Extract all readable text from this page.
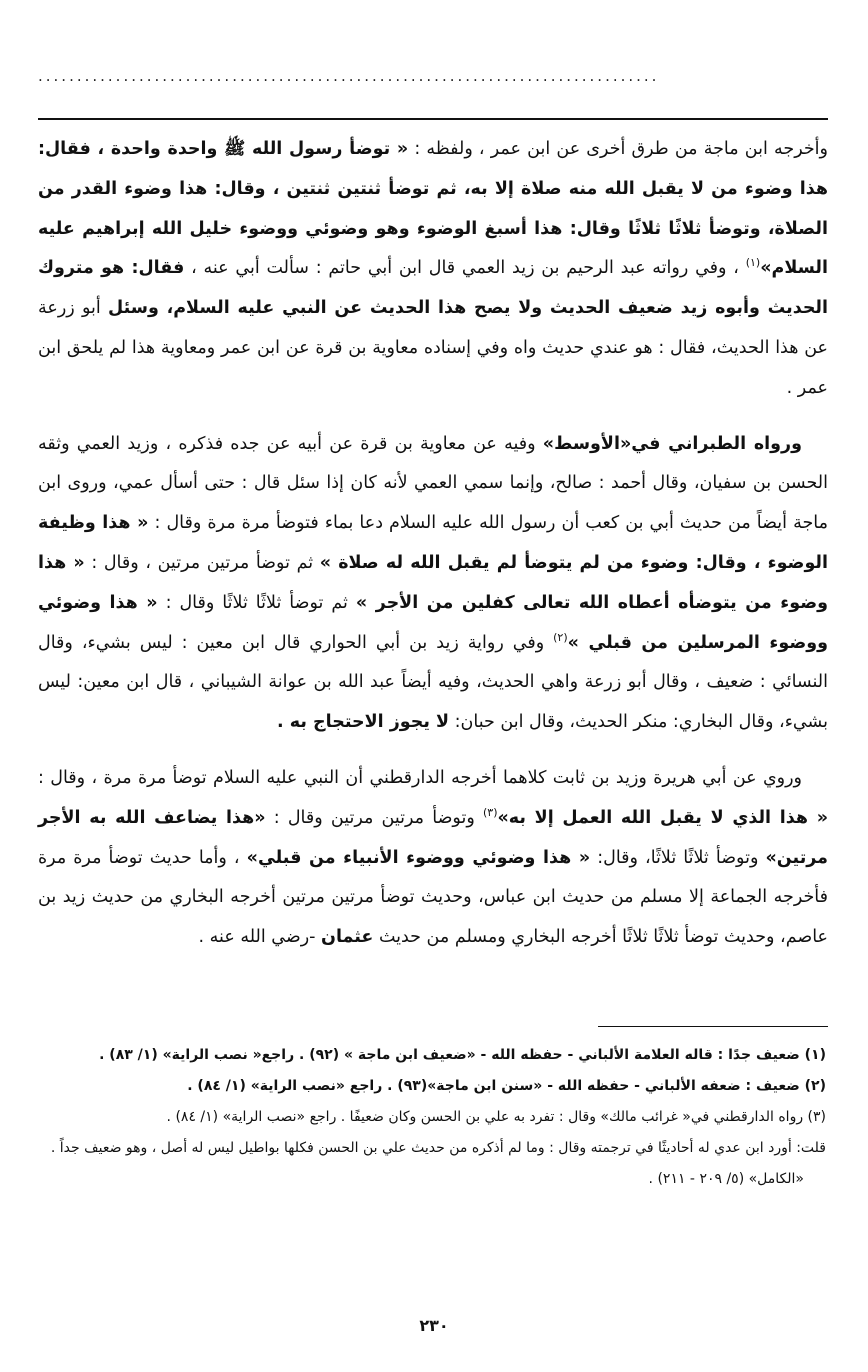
................................................................................

وأخرجه ابن ماجة من طرق أخرى عن ابن عمر ، ولفظه : « توضأ رسول الله ﷺ واحدة واحدة ، فقال: هذا وضوء من لا يقبل الله منه صلاة إلا به، ثم توضأ ثنتين ثنتين ، وقال: هذا وضوء القدر من الصلاة، وتوضأ ثلاثًا ثلاثًا وقال: هذا أسبغ الوضوء وهو وضوئي ووضوء خليل الله إبراهيم عليه السلام»$^{(١)}$ ، وفي رواته عبد الرحيم بن زيد العمي قال ابن أبي حاتم : سألت أبي عنه ، فقال: هو متروك الحديث وأبوه زيد ضعيف الحديث ولا يصح هذا الحديث عن النبي عليه السلام، وسئل أبو زرعة عن هذا الحديث، فقال : هو عندي حديث واه وفي إسناده معاوية بن قرة عن ابن عمر ومعاوية هذا لم يلحق ابن عمر .

ورواه الطبراني في«الأوسط» وفيه عن معاوية بن قرة عن أبيه عن جده فذكره ، وزيد العمي وثقه الحسن بن سفيان، وقال أحمد : صالح، وإنما سمي العمي لأنه كان إذا سئل قال : حتى أسأل عمي، وروى ابن ماجة أيضاً من حديث أبي بن كعب أن رسول الله عليه السلام دعا بماء فتوضأ مرة مرة وقال : « هذا وظيفة الوضوء ، وقال: وضوء من لم يتوضأ لم يقبل الله له صلاة » ثم توضأ مرتين مرتين ، وقال : « هذا وضوء من يتوضأه أعطاه الله تعالى كفلين من الأجر » ثم توضأ ثلاثًا ثلاثًا وقال : « هذا وضوئي ووضوء المرسلين من قبلي »$^{(٢)}$ وفي رواية زيد بن أبي الحواري قال ابن معين : ليس بشيء، وقال النسائي : ضعيف ، وقال أبو زرعة واهي الحديث، وفيه أيضاً عبد الله بن عوانة الشيباني ، قال ابن معين: ليس بشيء، وقال البخاري: منكر الحديث، وقال ابن حبان: لا يجوز الاحتجاج به .

وروي عن أبي هريرة وزيد بن ثابت كلاهما أخرجه الدارقطني أن النبي عليه السلام توضأ مرة مرة ، وقال : « هذا الذي لا يقبل الله العمل إلا به»$^{(٣)}$ وتوضأ مرتين مرتين وقال : «هذا يضاعف الله به الأجر مرتين» وتوضأ ثلاثًا ثلاثًا، وقال: « هذا وضوئي ووضوء الأنبياء من قبلي» ، وأما حديث توضأ مرة مرة فأخرجه الجماعة إلا مسلم من حديث ابن عباس، وحديث توضأ مرتين مرتين أخرجه البخاري من حديث زيد بن عاصم، وحديث توضأ ثلاثًا ثلاثًا أخرجه البخاري ومسلم من حديث عثمان -رضي الله عنه .

(١) ضعيف جدًا : قاله العلامة الألباني - حفظه الله - «ضعيف ابن ماجة » (٩٢) . راجع« نصب الراية» (١/ ٨٣) .

(٢) ضعيف : ضعفه الألباني - حفظه الله - «سنن ابن ماجة»(٩٣) . راجع «نصب الراية» (١/ ٨٤) .

(٣) رواه الدارقطني في« غرائب مالك» وقال : تفرد به علي بن الحسن وكان ضعيفًا . راجع «نصب الراية» (١/ ٨٤) .

قلت: أورد ابن عدي له أحاديثًا في ترجمته وقال : وما لم أذكره من حديث علي بن الحسن فكلها بواطيل ليس له أصل ، وهو ضعيف جداً .

«الكامل» (٥/ ٢٠٩ - ٢١١) .

٢٣٠
